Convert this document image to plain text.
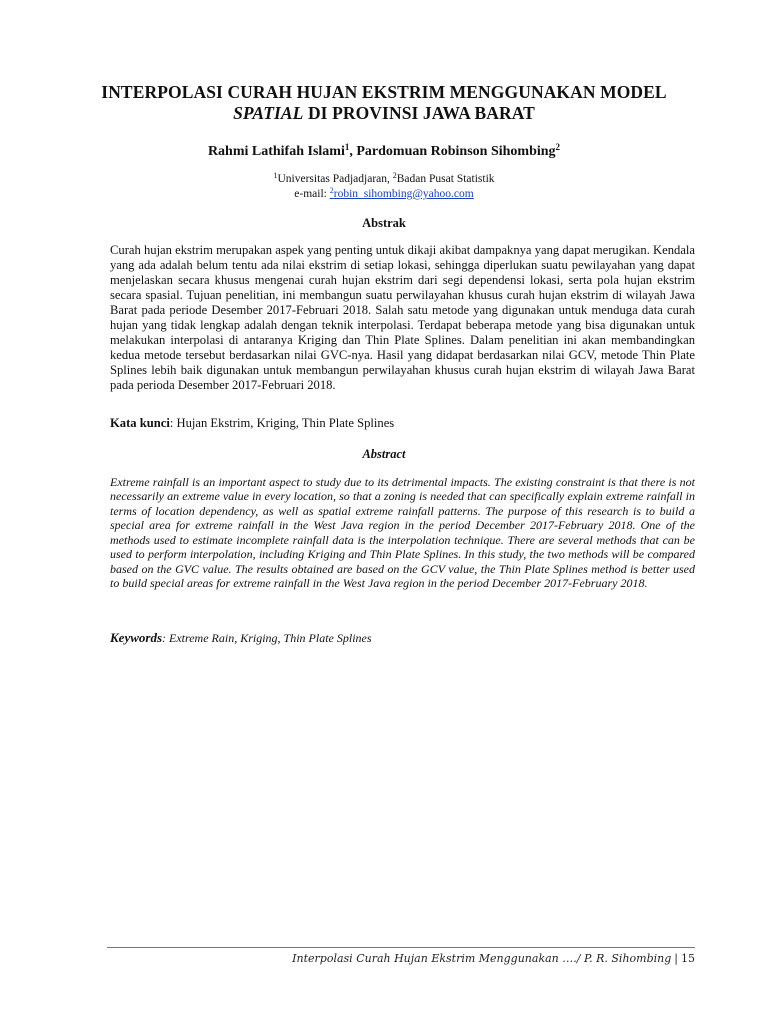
INTERPOLASI CURAH HUJAN EKSTRIM MENGGUNAKAN MODEL
SPATIAL DI PROVINSI JAWA BARAT
Rahmi Lathifah Islami$^1$, Pardomuan Robinson Sihombing$^2$
$^1$Universitas Padjadjaran, $^2$Badan Pusat Statistik
e-mail: $^2$robin_sihombing@yahoo.com
Abstrak

Curah hujan ekstrim merupakan aspek yang penting untuk dikaji akibat dampaknya yang dapat merugikan. Kendala yang ada adalah belum tentu ada nilai ekstrim di setiap lokasi, sehingga diperlukan suatu pewilayahan yang dapat menjelaskan secara khusus mengenai curah hujan ekstrim dari segi dependensi lokasi, serta pola hujan ekstrim secara spasial. Tujuan penelitian, ini membangun suatu perwilayahan khusus curah hujan ekstrim di wilayah Jawa Barat pada periode Desember 2017-Februari 2018. Salah satu metode yang digunakan untuk menduga data curah hujan yang tidak lengkap adalah dengan teknik interpolasi. Terdapat beberapa metode yang bisa digunakan untuk melakukan interpolasi di antaranya Kriging dan Thin Plate Splines. Dalam penelitian ini akan membandingkan kedua metode tersebut berdasarkan nilai GVC-nya. Hasil yang didapat berdasarkan nilai GCV, metode Thin Plate Splines lebih baik digunakan untuk membangun perwilayahan khusus curah hujan ekstrim di wilayah Jawa Barat pada perioda Desember 2017-Februari 2018.

Kata kunci: Hujan Ekstrim, Kriging, Thin Plate Splines
Abstract

Extreme rainfall is an important aspect to study due to its detrimental impacts. The existing constraint is that there is not necessarily an extreme value in every location, so that a zoning is needed that can specifically explain extreme rainfall in terms of location dependency, as well as spatial extreme rainfall patterns. The purpose of this research is to build a special area for extreme rainfall in the West Java region in the period December 2017-February 2018. One of the methods used to estimate incomplete rainfall data is the interpolation technique. There are several methods that can be used to perform interpolation, including Kriging and Thin Plate Splines. In this study, the two methods will be compared based on the GVC value. The results obtained are based on the GCV value, the Thin Plate Splines method is better used to build special areas for extreme rainfall in the West Java region in the period December 2017-February 2018.

Keywords: Extreme Rain, Kriging, Thin Plate Splines
Interpolasi Curah Hujan Ekstrim Menggunakan …./ P. R. Sihombing | 15
